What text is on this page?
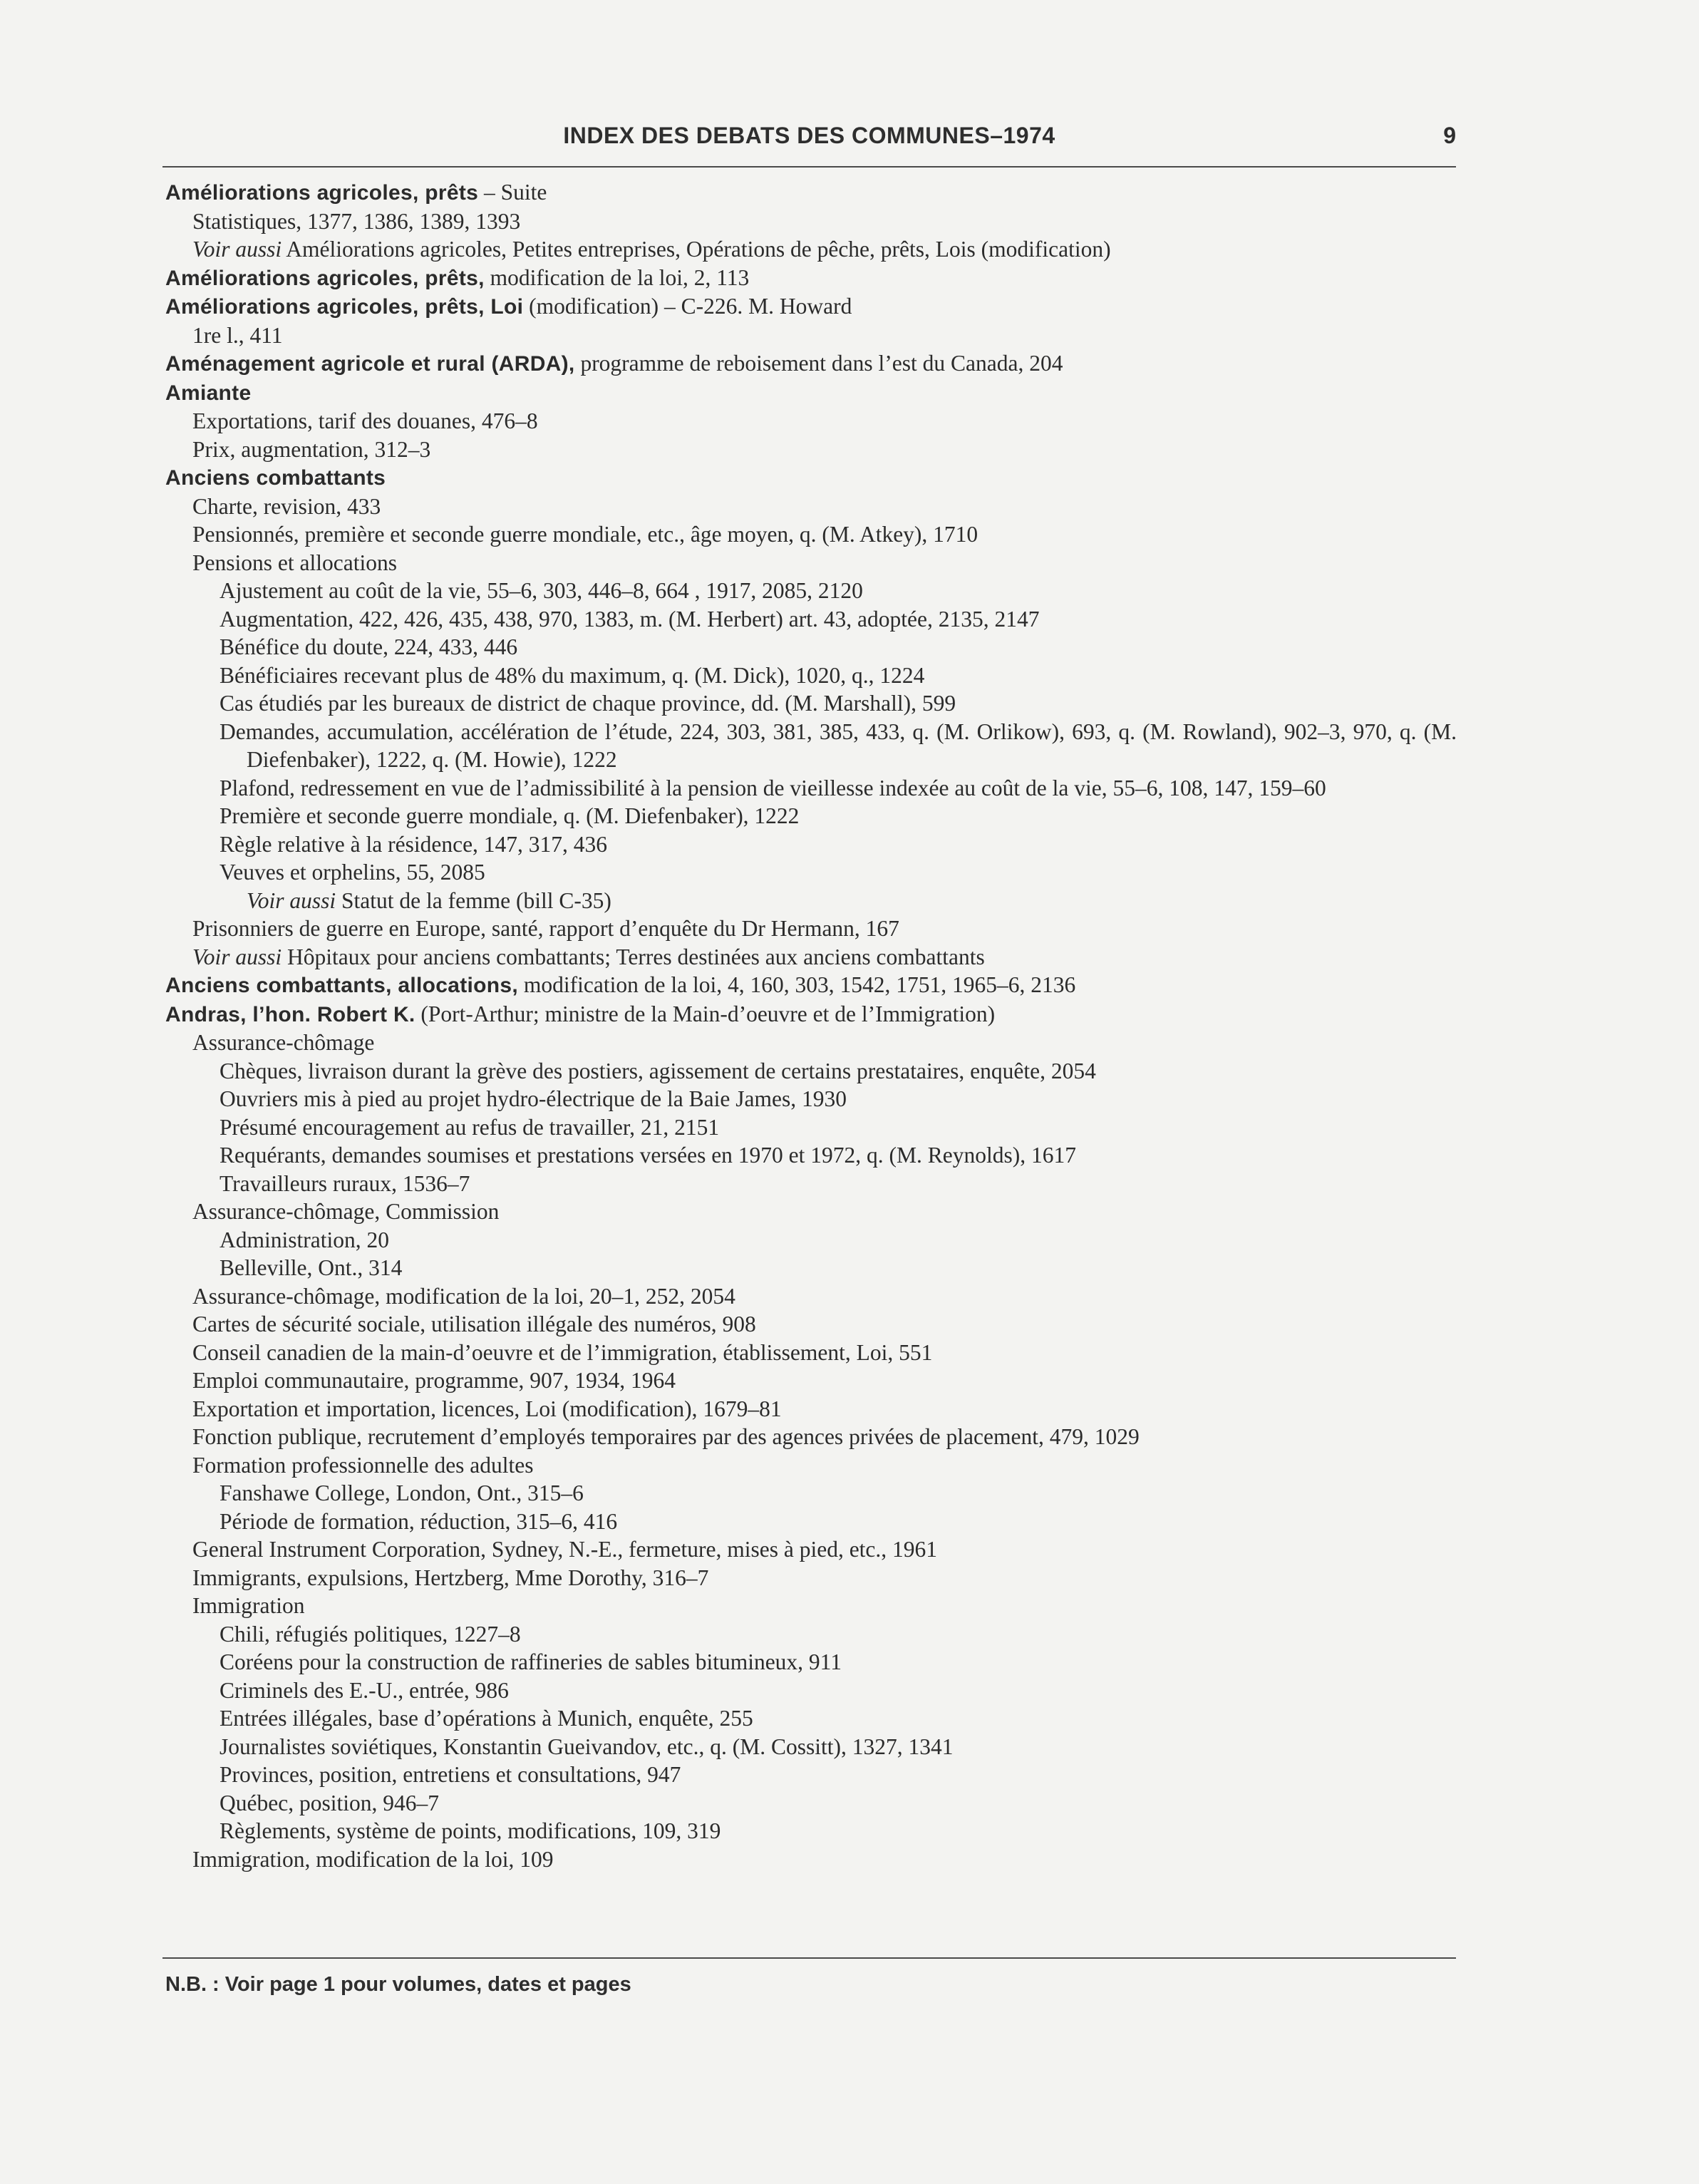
INDEX DES DEBATS DES COMMUNES–1974	9
Améliorations agricoles, prêts – Suite
Statistiques, 1377, 1386, 1389, 1393
Voir aussi Améliorations agricoles, Petites entreprises, Opérations de pêche, prêts, Lois (modification)
Améliorations agricoles, prêts, modification de la loi, 2, 113
Améliorations agricoles, prêts, Loi (modification) – C-226. M. Howard
1re l., 411
Aménagement agricole et rural (ARDA), programme de reboisement dans l’est du Canada, 204
Amiante
Exportations, tarif des douanes, 476–8
Prix, augmentation, 312–3
Anciens combattants
Charte, revision, 433
Pensionnés, première et seconde guerre mondiale, etc., âge moyen, q. (M. Atkey), 1710
Pensions et allocations
Ajustement au coût de la vie, 55–6, 303, 446–8, 664 , 1917, 2085, 2120
Augmentation, 422, 426, 435, 438, 970, 1383, m. (M. Herbert) art. 43, adoptée, 2135, 2147
Bénéfice du doute, 224, 433, 446
Bénéficiaires recevant plus de 48% du maximum, q. (M. Dick), 1020, q., 1224
Cas étudiés par les bureaux de district de chaque province, dd. (M. Marshall), 599
Demandes, accumulation, accélération de l’étude, 224, 303, 381, 385, 433, q. (M. Orlikow), 693, q. (M. Rowland), 902–3, 970, q. (M. Diefenbaker), 1222, q. (M. Howie), 1222
Plafond, redressement en vue de l’admissibilité à la pension de vieillesse indexée au coût de la vie, 55–6, 108, 147, 159–60
Première et seconde guerre mondiale, q. (M. Diefenbaker), 1222
Règle relative à la résidence, 147, 317, 436
Veuves et orphelins, 55, 2085
Voir aussi Statut de la femme (bill C-35)
Prisonniers de guerre en Europe, santé, rapport d’enquête du Dr Hermann, 167
Voir aussi Hôpitaux pour anciens combattants; Terres destinées aux anciens combattants
Anciens combattants, allocations, modification de la loi, 4, 160, 303, 1542, 1751, 1965–6, 2136
Andras, l’hon. Robert K. (Port-Arthur; ministre de la Main-d’oeuvre et de l’Immigration)
Assurance-chômage
Chèques, livraison durant la grève des postiers, agissement de certains prestataires, enquête, 2054
Ouvriers mis à pied au projet hydro-électrique de la Baie James, 1930
Présumé encouragement au refus de travailler, 21, 2151
Requérants, demandes soumises et prestations versées en 1970 et 1972, q. (M. Reynolds), 1617
Travailleurs ruraux, 1536–7
Assurance-chômage, Commission
Administration, 20
Belleville, Ont., 314
Assurance-chômage, modification de la loi, 20–1, 252, 2054
Cartes de sécurité sociale, utilisation illégale des numéros, 908
Conseil canadien de la main-d’oeuvre et de l’immigration, établissement, Loi, 551
Emploi communautaire, programme, 907, 1934, 1964
Exportation et importation, licences, Loi (modification), 1679–81
Fonction publique, recrutement d’employés temporaires par des agences privées de placement, 479, 1029
Formation professionnelle des adultes
Fanshawe College, London, Ont., 315–6
Période de formation, réduction, 315–6, 416
General Instrument Corporation, Sydney, N.-E., fermeture, mises à pied, etc., 1961
Immigrants, expulsions, Hertzberg, Mme Dorothy, 316–7
Immigration
Chili, réfugiés politiques, 1227–8
Coréens pour la construction de raffineries de sables bitumineux, 911
Criminels des E.-U., entrée, 986
Entrées illégales, base d’opérations à Munich, enquête, 255
Journalistes soviétiques, Konstantin Gueivandov, etc., q. (M. Cossitt), 1327, 1341
Provinces, position, entretiens et consultations, 947
Québec, position, 946–7
Règlements, système de points, modifications, 109, 319
Immigration, modification de la loi, 109
N.B. : Voir page 1 pour volumes, dates et pages
